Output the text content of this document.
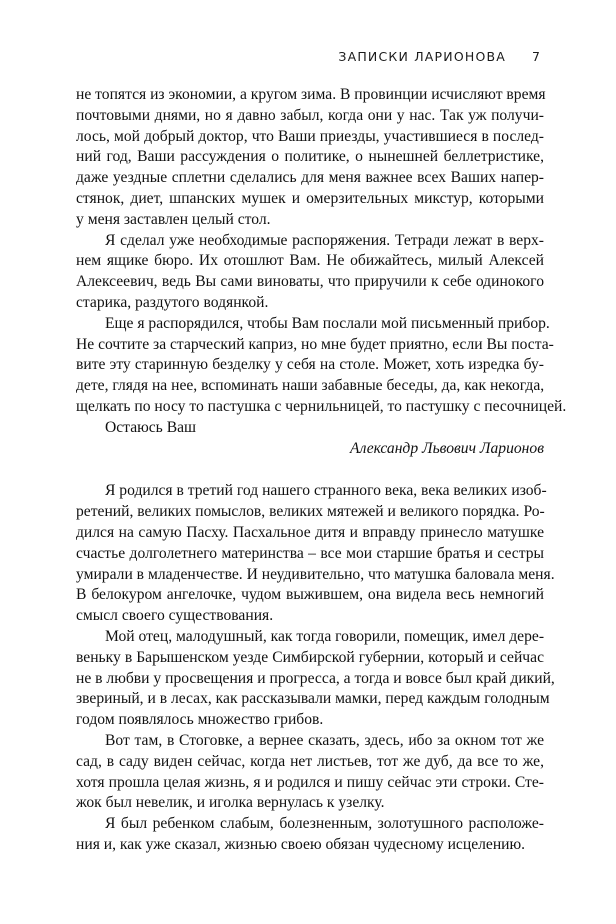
ЗАПИСКИ ЛАРИОНОВА 7
не топятся из экономии, а кругом зима. В провинции исчисляют время
почтовыми днями, но я давно забыл, когда они у нас. Так уж получи-
лось, мой добрый доктор, что Ваши приезды, участившиеся в послед-
ний год, Ваши рассуждения о политике, о нынешней беллетристике,
даже уездные сплетни сделались для меня важнее всех Ваших напер-
стянок, диет, шпанских мушек и омерзительных микстур, которыми
у меня заставлен целый стол.
Я сделал уже необходимые распоряжения. Тетради лежат в верх-
нем ящике бюро. Их отошлют Вам. Не обижайтесь, милый Алексей
Алексеевич, ведь Вы сами виноваты, что приручили к себе одинокого
старика, раздутого водянкой.
Еще я распорядился, чтобы Вам послали мой письменный прибор.
Не сочтите за старческий каприз, но мне будет приятно, если Вы поста-
вите эту старинную безделку у себя на столе. Может, хоть изредка бу-
дете, глядя на нее, вспоминать наши забавные беседы, да, как некогда,
щелкать по носу то пастушка с чернильницей, то пастушку с песочницей.
Остаюсь Ваш
Александр Львович Ларионов
Я родился в третий год нашего странного века, века великих изоб-
ретений, великих помыслов, великих мятежей и великого порядка. Ро-
дился на самую Пасху. Пасхальное дитя и вправду принесло матушке
счастье долголетнего материнства – все мои старшие братья и сестры
умирали в младенчестве. И неудивительно, что матушка баловала меня.
В белокуром ангелочке, чудом выжившем, она видела весь немногий
смысл своего существования.
Мой отец, малодушный, как тогда говорили, помещик, имел дере-
веньку в Барышенском уезде Симбирской губернии, который и сейчас
не в любви у просвещения и прогресса, а тогда и вовсе был край дикий,
звериный, и в лесах, как рассказывали мамки, перед каждым голодным
годом появлялось множество грибов.
Вот там, в Стоговке, а вернее сказать, здесь, ибо за окном тот же
сад, в саду виден сейчас, когда нет листьев, тот же дуб, да все то же,
хотя прошла целая жизнь, я и родился и пишу сейчас эти строки. Сте-
жок был невелик, и иголка вернулась к узелку.
Я был ребенком слабым, болезненным, золотушного расположе-
ния и, как уже сказал, жизнью своею обязан чудесному исцелению.
